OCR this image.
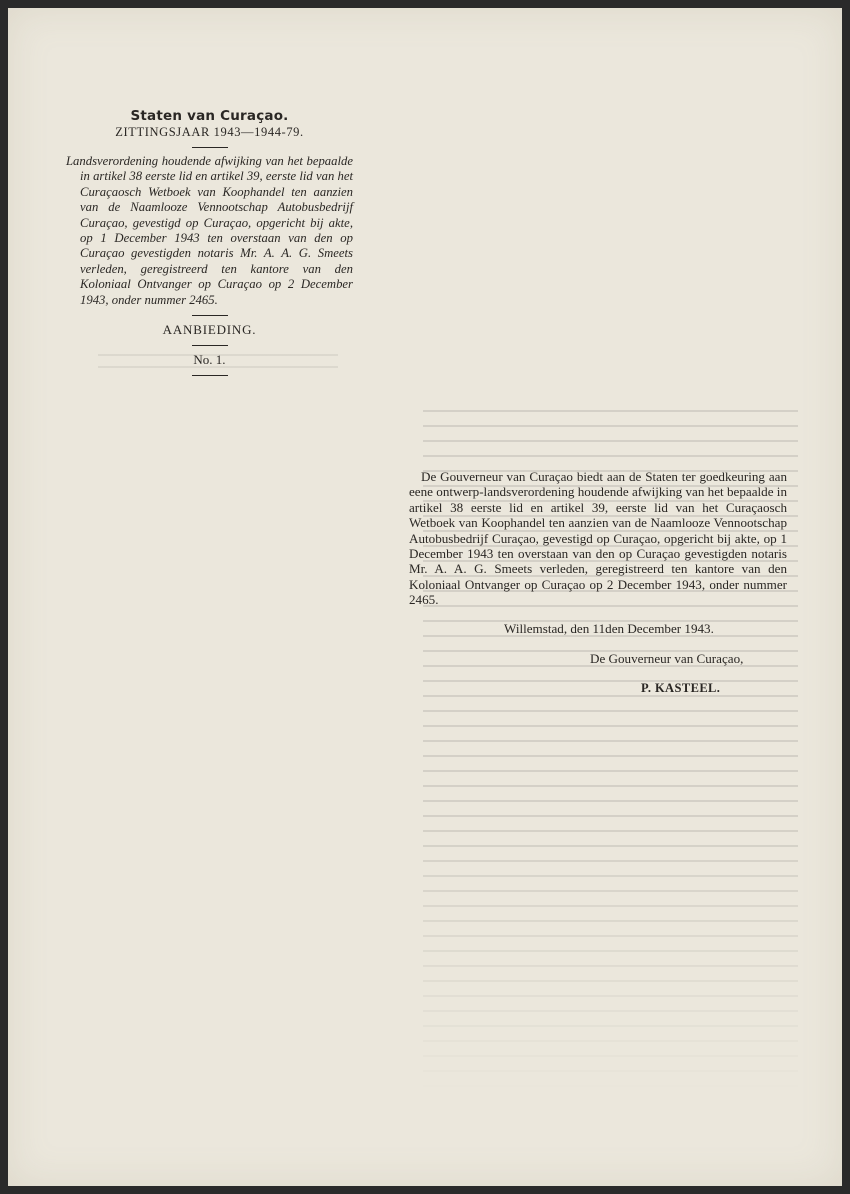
Staten van Curaçao.
ZITTINGSJAAR 1943—1944-79.
Landsverordening houdende afwijking van het bepaalde in artikel 38 eerste lid en artikel 39, eerste lid van het Curaçaosch Wetboek van Koophandel ten aanzien van de Naamlooze Vennootschap Autobusbedrijf Curaçao, gevestigd op Curaçao, opgericht bij akte, op 1 December 1943 ten overstaan van den op Curaçao gevestigden notaris Mr. A. A. G. Smeets verleden, geregistreerd ten kantore van den Koloniaal Ontvanger op Curaçao op 2 December 1943, onder nummer 2465.
AANBIEDING.
No. 1.
De Gouverneur van Curaçao biedt aan de Staten ter goedkeuring aan eene ontwerp-landsverordening houdende afwijking van het bepaalde in artikel 38 eerste lid en artikel 39, eerste lid van het Curaçaosch Wetboek van Koophandel ten aanzien van de Naamlooze Vennootschap Autobusbedrijf Curaçao, gevestigd op Curaçao, opgericht bij akte, op 1 December 1943 ten overstaan van den op Curaçao gevestigden notaris Mr. A. A. G. Smeets verleden, geregistreerd ten kantore van den Koloniaal Ontvanger op Curaçao op 2 December 1943, onder nummer 2465.
Willemstad, den 11den December 1943.
De Gouverneur van Curaçao,
P. KASTEEL.
